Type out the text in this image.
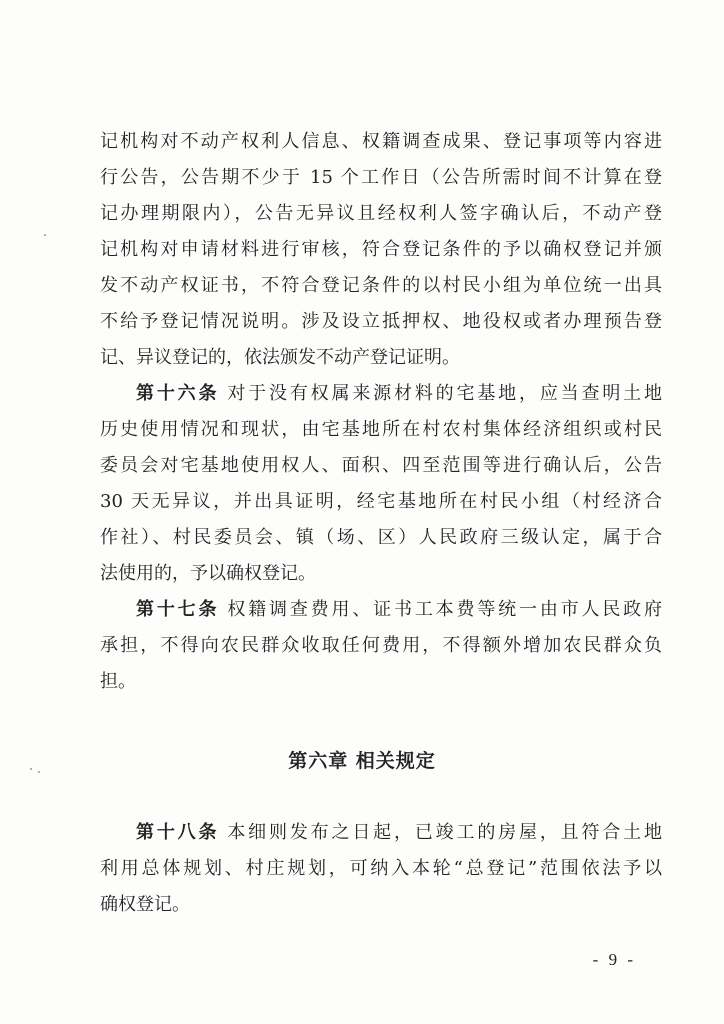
记机构对不动产权利人信息、权籍调查成果、登记事项等内容进
行公告，公告期不少于 15 个工作日（公告所需时间不计算在登
记办理期限内），公告无异议且经权利人签字确认后，不动产登
记机构对申请材料进行审核，符合登记条件的予以确权登记并颁
发不动产权证书，不符合登记条件的以村民小组为单位统一出具
不给予登记情况说明。涉及设立抵押权、地役权或者办理预告登
记、异议登记的，依法颁发不动产登记证明。
第十六条 对于没有权属来源材料的宅基地，应当查明土地
历史使用情况和现状，由宅基地所在村农村集体经济组织或村民
委员会对宅基地使用权人、面积、四至范围等进行确认后，公告
30 天无异议，并出具证明，经宅基地所在村民小组（村经济合
作社）、村民委员会、镇（场、区）人民政府三级认定，属于合
法使用的，予以确权登记。
第十七条 权籍调查费用、证书工本费等统一由市人民政府
承担，不得向农民群众收取任何费用，不得额外增加农民群众负
担。
第六章 相关规定
第十八条 本细则发布之日起，已竣工的房屋，且符合土地
利用总体规划、村庄规划，可纳入本轮“总登记”范围依法予以
确权登记。
- 9 -
